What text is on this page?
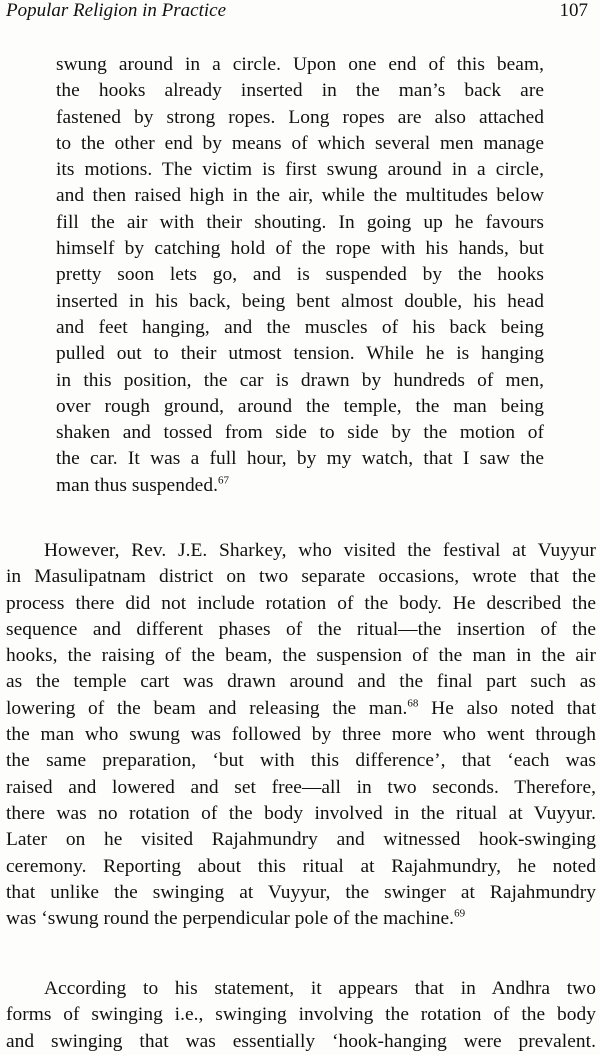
Popular Religion in Practice	107
swung around in a circle. Upon one end of this beam,
the hooks already inserted in the man’s back are
fastened by strong ropes. Long ropes are also attached
to the other end by means of which several men manage
its motions. The victim is first swung around in a circle,
and then raised high in the air, while the multitudes below
fill the air with their shouting. In going up he favours
himself by catching hold of the rope with his hands, but
pretty soon lets go, and is suspended by the hooks
inserted in his back, being bent almost double, his head
and feet hanging, and the muscles of his back being
pulled out to their utmost tension. While he is hanging
in this position, the car is drawn by hundreds of men,
over rough ground, around the temple, the man being
shaken and tossed from side to side by the motion of
the car. It was a full hour, by my watch, that I saw the
man thus suspended.$^{67}$
However, Rev. J.E. Sharkey, who visited the festival at Vuyyur
in Masulipatnam district on two separate occasions, wrote that the
process there did not include rotation of the body. He described the
sequence and different phases of the ritual—the insertion of the
hooks, the raising of the beam, the suspension of the man in the air
as the temple cart was drawn around and the final part such as
lowering of the beam and releasing the man.$^{68}$ He also noted that
the man who swung was followed by three more who went through
the same preparation, ‘but with this difference’, that ‘each was
raised and lowered and set free—all in two seconds. Therefore,
there was no rotation of the body involved in the ritual at Vuyyur.
Later on he visited Rajahmundry and witnessed hook-swinging
ceremony. Reporting about this ritual at Rajahmundry, he noted
that unlike the swinging at Vuyyur, the swinger at Rajahmundry
was ‘swung round the perpendicular pole of the machine.$^{69}$
According to his statement, it appears that in Andhra two
forms of swinging i.e., swinging involving the rotation of the body
and swinging that was essentially ‘hook-hanging were prevalent.
